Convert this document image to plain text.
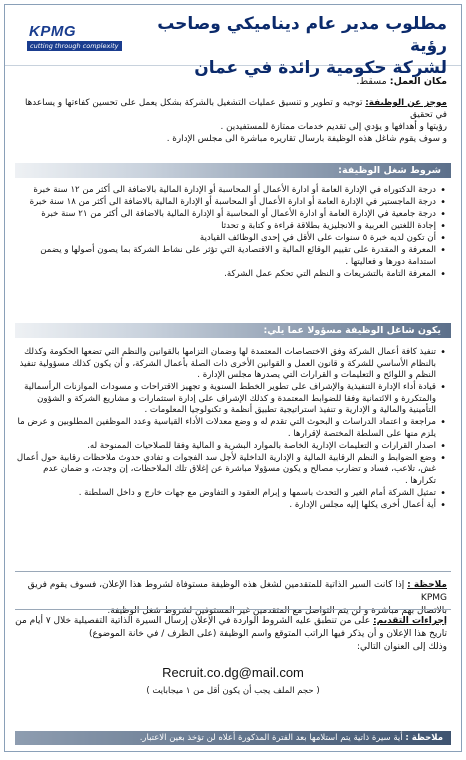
KPMG
cutting through complexity
مطلوب مدير عام ديناميكي وصاحب رؤية
لشركة حكومية رائدة في عمان
مكان العمل: مسقط.
موجز عن الوظيفة: توجيه و تطوير و تنسيق عمليات التشغيل بالشركة بشكل يعمل على تحسين كفاءتها و يساعدها في تحقيق
رؤيتها و أهدافها و يؤدي إلى تقديم خدمات ممتازة للمستفيدين .
و سوف يقوم شاغل هذه الوظيفة بارسال تقاريره مباشرة الى مجلس الإدارة .
شروط شغل الوظيفة:
• درجة الدكتوراه في الإدارة العامة أو ادارة الأعمال أو المحاسبة أو الإدارة المالية بالاضافة الى أكثر من ١٢ سنة خبرة
• درجة الماجستير في الإدارة العامة أو ادارة الأعمال أو المحاسبة أو الإدارة المالية بالاضافة الى أكثر من ١٨ سنة خبرة
• درجة جامعية في الإدارة العامة أو ادارة الأعمال أو المحاسبة أو الإدارة المالية بالاضافة الى أكثر من ٢١ سنة خبرة
• إجادة اللغتين العربية و الانجليزية بطلاقة قراءة و كتابة و تحدثا
• أن تكون لديه خبرة ٥ سنوات على الأقل في إحدى الوظائف القيادية
• المعرفة و المقدرة على تقييم الوقائع المالية و الاقتصادية التي تؤثر على نشاط الشركة بما يصون أصولها و يضمن استدامة دورها و فعاليتها .
• المعرفة التامة بالتشريعات و النظم التي تحكم عمل الشركة.
يكون شاغل الوظيفة مسؤولا عما يلي:
• تنفيذ كافة أعمال الشركة وفق الاختصاصات المعتمدة لها وضمان التزامها بالقوانين والنظم التي تضعها الحكومة وكذلك بالنظام الأساسي للشركة و قانون العمل و القوانين الأخرى ذات الصلة بأعمال الشركة، و أن يكون كذلك مسؤولية تنفيذ النظم و اللوائح و التعليمات و القرارات التي يصدرها مجلس الإدارة .
• قيادة أداء الإدارة التنفيذية والإشراف على تطوير الخطط السنوية و تجهيز الاقتراحات و مسودات الموازنات الرأسمالية والمتكررة و الائتمانية وفقا للضوابط المعتمدة و كذلك الإشراف على إدارة استثمارات و مشاريع الشركة و الشؤون التأمينية والمالية و الإدارية و تنفيذ استراتيجية تطبيق أنظمة و تكنولوجيا المعلومات .
• مراجعة و اعتماد الدراسات و البحوث التي تقدم له و وضع معدلات الأداء القياسية وعدد الموظفين المطلوبين و عرض ما يلزم منها على السلطة المختصة لإقرارها .
• اصدار القرارات و التعليمات الإدارية الخاصة بالموارد البشرية و المالية وفقا للصلاحيات الممنوحة له.
• وضع الضوابط و النظم الرقابية المالية و الإدارية الداخلية لأجل سد الفجوات و تفادي حدوث ملاحظات رقابية حول أعمال غش، تلاعب، فساد و تضارب مصالح و يكون مسؤولا مباشرة عن إغلاق تلك الملاحظات، إن وجدت، و ضمان عدم تكرارها .
• تمثيل الشركة أمام الغير و التحدث باسمها و إبرام العقود و التفاوض مع جهات خارج و داخل السلطنة .
• أية أعمال أخرى يكلها إليه مجلس الإدارة .
ملاحظة : إذا كانت السير الذاتية للمتقدمين لشغل هذه الوظيفة مستوفاة لشروط هذا الإعلان، فسوف يقوم فريق KPMG
بالاتصال بهم مباشرة و لن يتم التواصل مع المتقدمين غير المستوفين لشروط شغل الوظيفة.
إجراءات التقديم: على من تنطبق عليه الشروط الواردة في الإعلان إرسال السيرة الذاتية التفصيلية خلال ٧ أيام من
تاريخ هذا الإعلان و أن يذكر فيها الراتب المتوقع واسم الوظيفة (على الظرف / في خانة الموضوع)
وذلك إلى العنوان التالي:
Recruit.co.dg@mail.com
( حجم الملف يجب أن يكون أقل من ١ ميجابايت )
ملاحظة : أية سيرة ذاتية يتم استلامها بعد الفترة المذكورة أعلاه لن تؤخذ بعين الاعتبار.
